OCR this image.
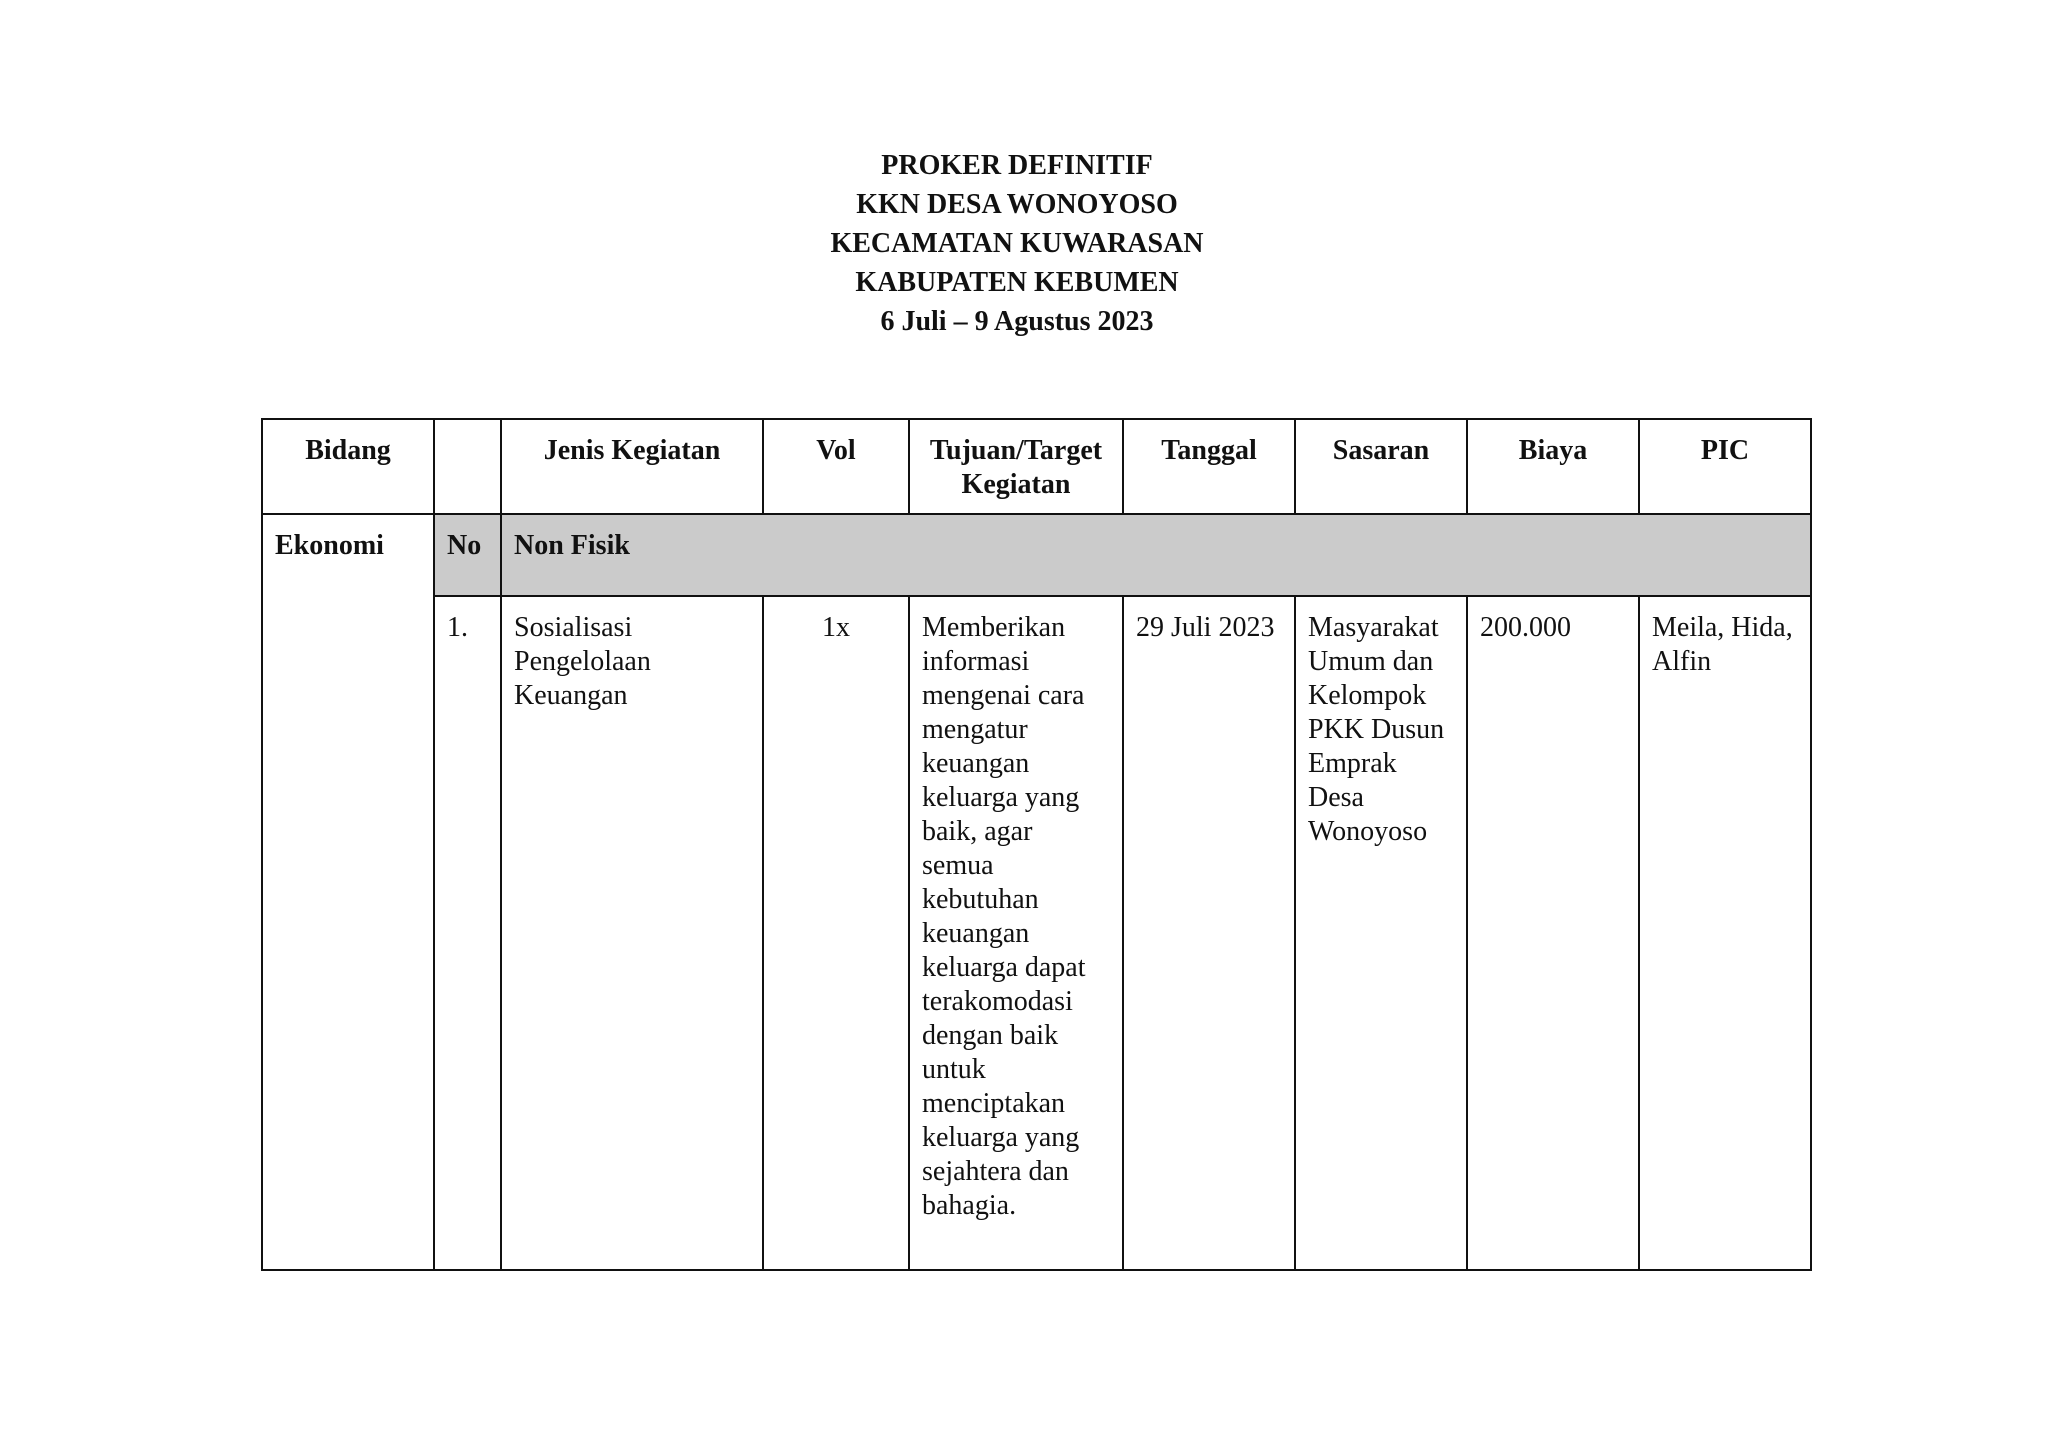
PROKER DEFINITIF
KKN DESA WONOYOSO
KECAMATAN KUWARASAN
KABUPATEN KEBUMEN
6 Juli – 9 Agustus 2023
Bidang		Jenis Kegiatan	Vol	Tujuan/Target Kegiatan	Tanggal	Sasaran	Biaya	PIC
Ekonomi	No	Non Fisik						
	1.	Sosialisasi Pengelolaan Keuangan	1x	Memberikan informasi mengenai cara mengatur keuangan keluarga yang baik, agar semua kebutuhan keuangan keluarga dapat terakomodasi dengan baik untuk menciptakan keluarga yang sejahtera dan bahagia.	29 Juli 2023	Masyarakat Umum dan Kelompok PKK Dusun Emprak Desa Wonoyoso	200.000	Meila, Hida, Alfin
